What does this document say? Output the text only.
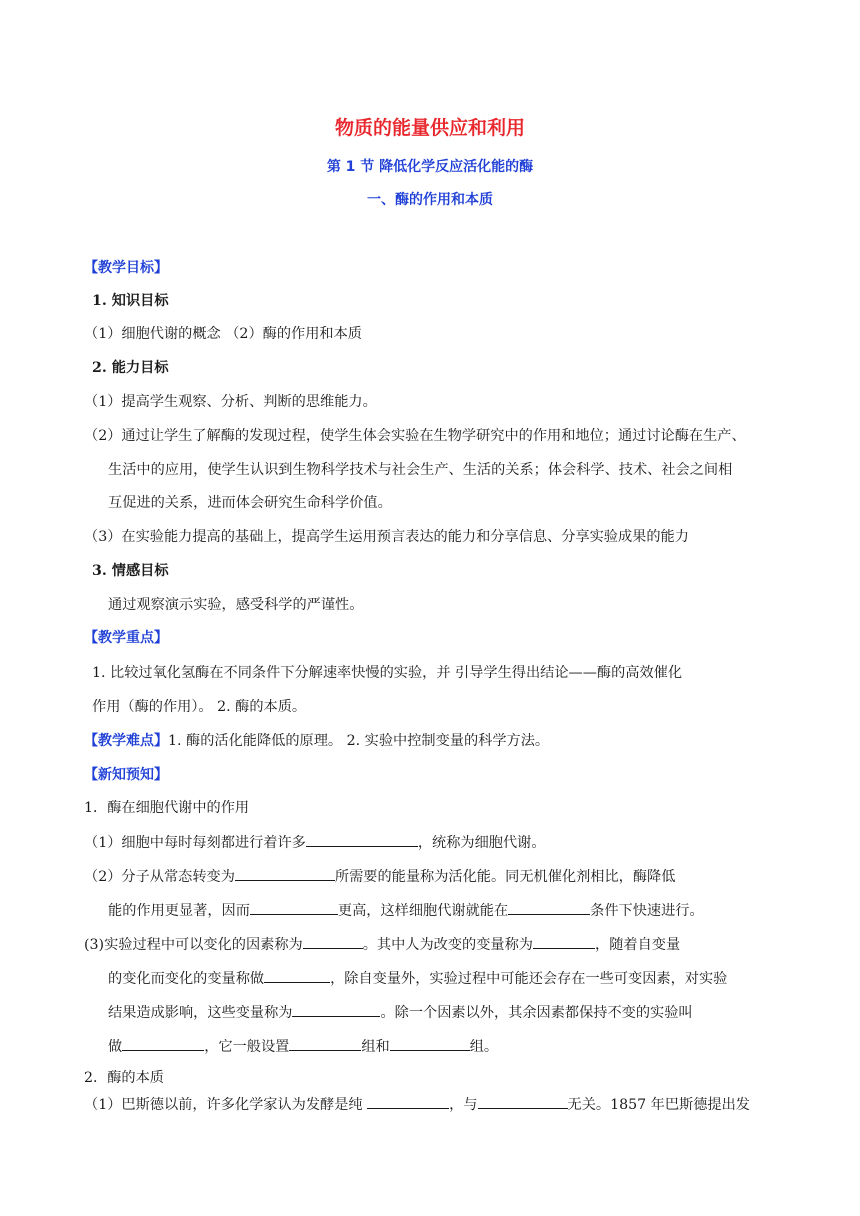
物质的能量供应和利用
第 1 节 降低化学反应活化能的酶
一、酶的作用和本质
【教学目标】
1. 知识目标
（1）细胞代谢的概念 （2）酶的作用和本质
2. 能力目标
（1）提高学生观察、分析、判断的思维能力。
（2）通过让学生了解酶的发现过程，使学生体会实验在生物学研究中的作用和地位；通过讨论酶在生产、
生活中的应用，使学生认识到生物科学技术与社会生产、生活的关系；体会科学、技术、社会之间相
互促进的关系，进而体会研究生命科学价值。
（3）在实验能力提高的基础上，提高学生运用预言表达的能力和分享信息、分享实验成果的能力
3. 情感目标
通过观察演示实验，感受科学的严谨性。
【教学重点】
1. 比较过氧化氢酶在不同条件下分解速率快慢的实验，并 引导学生得出结论——酶的高效催化
作用（酶的作用）。 2. 酶的本质。
【教学难点】1. 酶的活化能降低的原理。 2. 实验中控制变量的科学方法。
【新知预知】
1．酶在细胞代谢中的作用
（1）细胞中每时每刻都进行着许多	，统称为细胞代谢。
（2）分子从常态转变为	所需要的能量称为活化能。同无机催化剂相比，酶降低
能的作用更显著，因而	更高，这样细胞代谢就能在	条件下快速进行。
(3)实验过程中可以变化的因素称为	。其中人为改变的变量称为	，随着自变量
的变化而变化的变量称做	，除自变量外，实验过程中可能还会存在一些可变因素，对实验
结果造成影响，这些变量称为	。除一个因素以外，其余因素都保持不变的实验叫
做	，它一般设置	组和	组。
2．酶的本质
（1）巴斯德以前，许多化学家认为发酵是纯	，与	无关。1857 年巴斯德提出发
